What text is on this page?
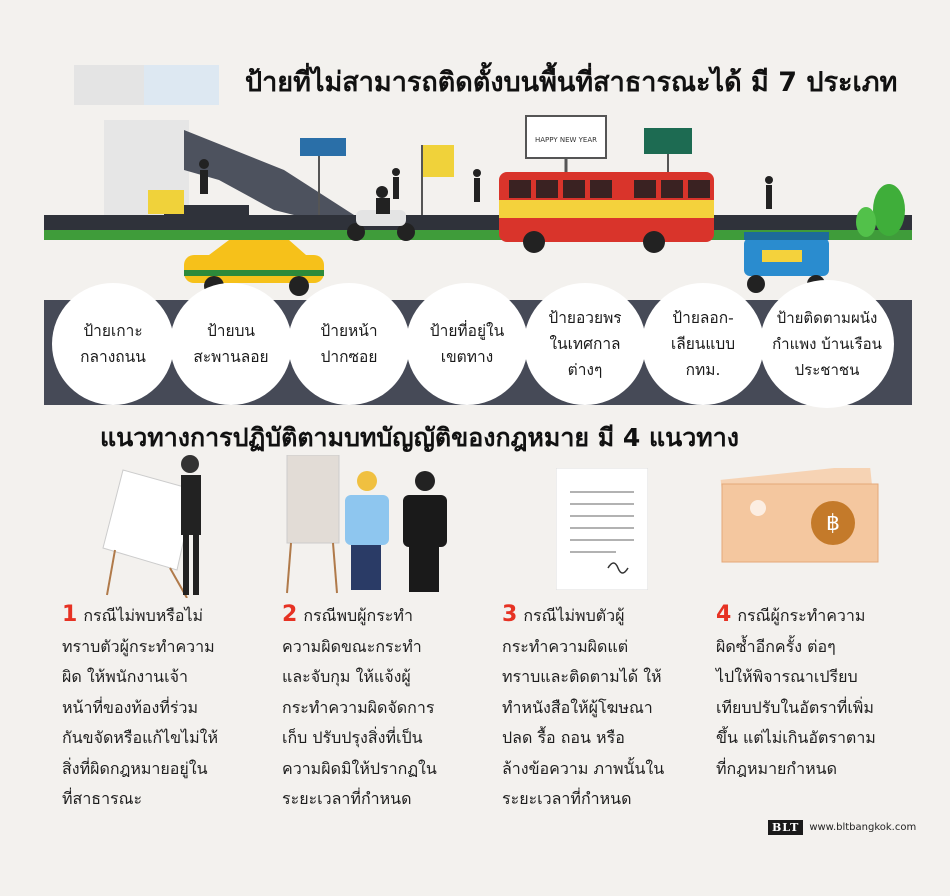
HAPPY NEW YEAR
ป้ายที่ไม่สามารถติดตั้งบนพื้นที่สาธารณะได้ มี 7 ประเภท
ป้ายเกาะ
กลางถนน
ป้ายบน
สะพานลอย
ป้ายหน้า
ปากซอย
ป้ายที่อยู่ใน
เขตทาง
ป้ายอวยพร
ในเทศกาล
ต่างๆ
ป้ายลอก-
เลียนแบบ
กทม.
ป้ายติดตามผนัง
กำแพง บ้านเรือน
ประชาชน
แนวทางการปฏิบัติตามบทบัญญัติของกฎหมาย มี 4 แนวทาง
฿
1 กรณีไม่พบหรือไม่
ทราบตัวผู้กระทำความ
ผิด ให้พนักงานเจ้า
หน้าที่ของท้องที่ร่วม
กันขจัดหรือแก้ไขไม่ให้
สิ่งที่ผิดกฎหมายอยู่ใน
ที่สาธารณะ
2 กรณีพบผู้กระทำ
ความผิดขณะกระทำ
และจับกุม ให้แจ้งผู้
กระทำความผิดจัดการ
เก็บ ปรับปรุงสิ่งที่เป็น
ความผิดมิให้ปรากฏใน
ระยะเวลาที่กำหนด
3 กรณีไม่พบตัวผู้
กระทำความผิดแต่
ทราบและติดตามได้ ให้
ทำหนังสือให้ผู้โฆษณา
ปลด รื้อ ถอน หรือ
ล้างข้อความ ภาพนั้นใน
ระยะเวลาที่กำหนด
4 กรณีผู้กระทำความ
ผิดซ้ำอีกครั้ง ต่อๆ
ไปให้พิจารณาเปรียบ
เทียบปรับในอัตราที่เพิ่ม
ขึ้น แต่ไม่เกินอัตราตาม
ที่กฎหมายกำหนด
BLT	www.bltbangkok.com
